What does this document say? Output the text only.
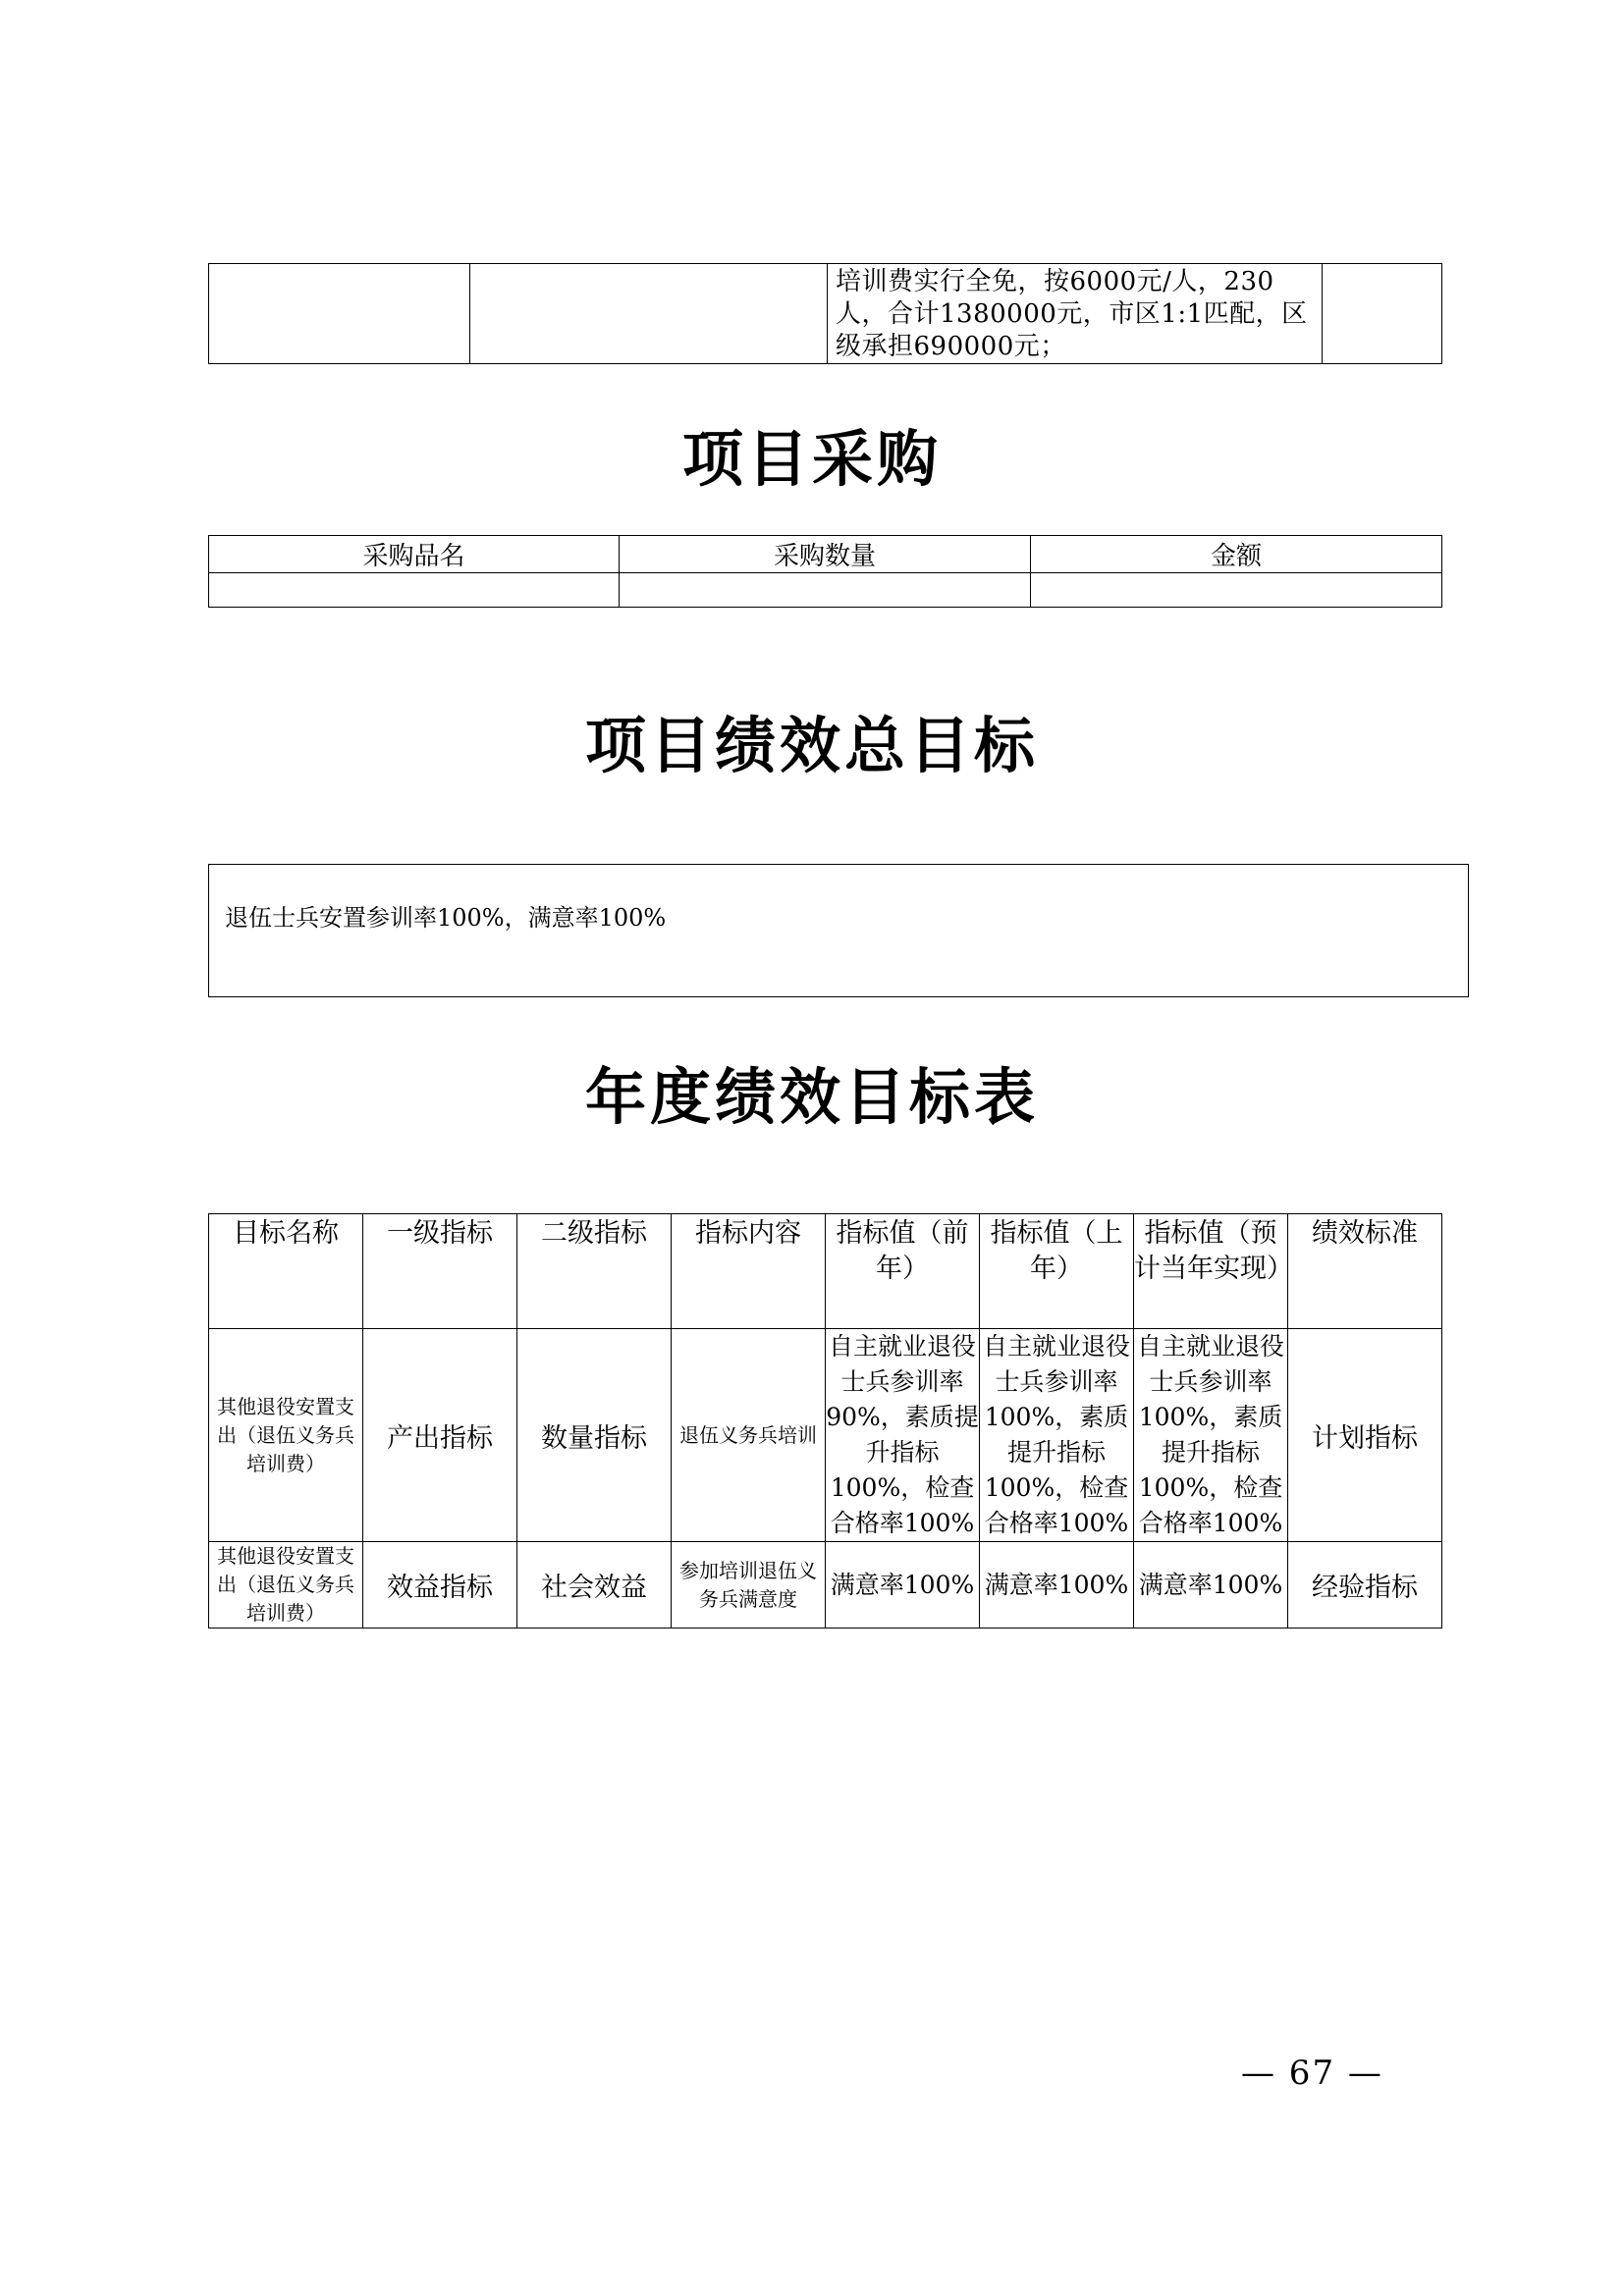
培训费实行全免，按6000元/人，230人，合计1380000元，市区1:1匹配，区级承担690000元；

项目采购
采购品名	采购数量	金额

项目绩效总目标
退伍士兵安置参训率100%，满意率100%
年度绩效目标表
目标名称	一级指标	二级指标	指标内容	指标值（前年）	指标值（上年）	指标值（预计当年实现）	绩效标准
其他退役安置支出（退伍义务兵培训费）	产出指标	数量指标	退伍义务兵培训	自主就业退役士兵参训率90%，素质提升指标100%，检查合格率100%	自主就业退役士兵参训率100%，素质提升指标100%，检查合格率100%	自主就业退役士兵参训率100%，素质提升指标100%，检查合格率100%	计划指标
其他退役安置支出（退伍义务兵培训费）	效益指标	社会效益	参加培训退伍义务兵满意度	满意率100%	满意率100%	满意率100%	经验指标
— 67 —
